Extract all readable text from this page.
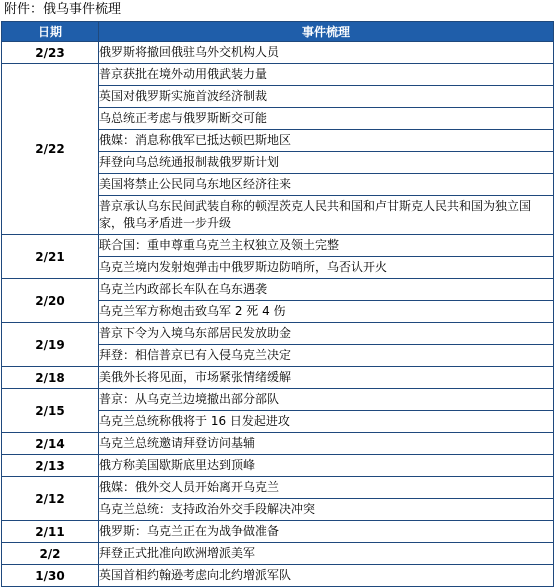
附件：俄乌事件梳理
日期	事件梳理
2/23	俄罗斯将撤回俄驻乌外交机构人员
2/22	普京获批在境外动用俄武装力量
	英国对俄罗斯实施首波经济制裁
	乌总统正考虑与俄罗斯断交可能
	俄媒：消息称俄军已抵达顿巴斯地区
	拜登向乌总统通报制裁俄罗斯计划
	美国将禁止公民同乌东地区经济往来
	普京承认乌东民间武装自称的顿涅茨克人民共和国和卢甘斯克人民共和国为独立国家，俄乌矛盾进一步升级
2/21	联合国：重申尊重乌克兰主权独立及领土完整
	乌克兰境内发射炮弹击中俄罗斯边防哨所，乌否认开火
2/20	乌克兰内政部长车队在乌东遇袭
	乌克兰军方称炮击致乌军 2 死 4 伤
2/19	普京下令为入境乌东部居民发放助金
	拜登：相信普京已有入侵乌克兰决定
2/18	美俄外长将见面，市场紧张情绪缓解
2/15	普京：从乌克兰边境撤出部分部队
	乌克兰总统称俄将于 16 日发起进攻
2/14	乌克兰总统邀请拜登访问基辅
2/13	俄方称美国歇斯底里达到顶峰
2/12	俄媒：俄外交人员开始离开乌克兰
	乌克兰总统：支持政治外交手段解决冲突
2/11	俄罗斯：乌克兰正在为战争做准备
2/2	拜登正式批准向欧洲增派美军
1/30	英国首相约翰逊考虑向北约增派军队
